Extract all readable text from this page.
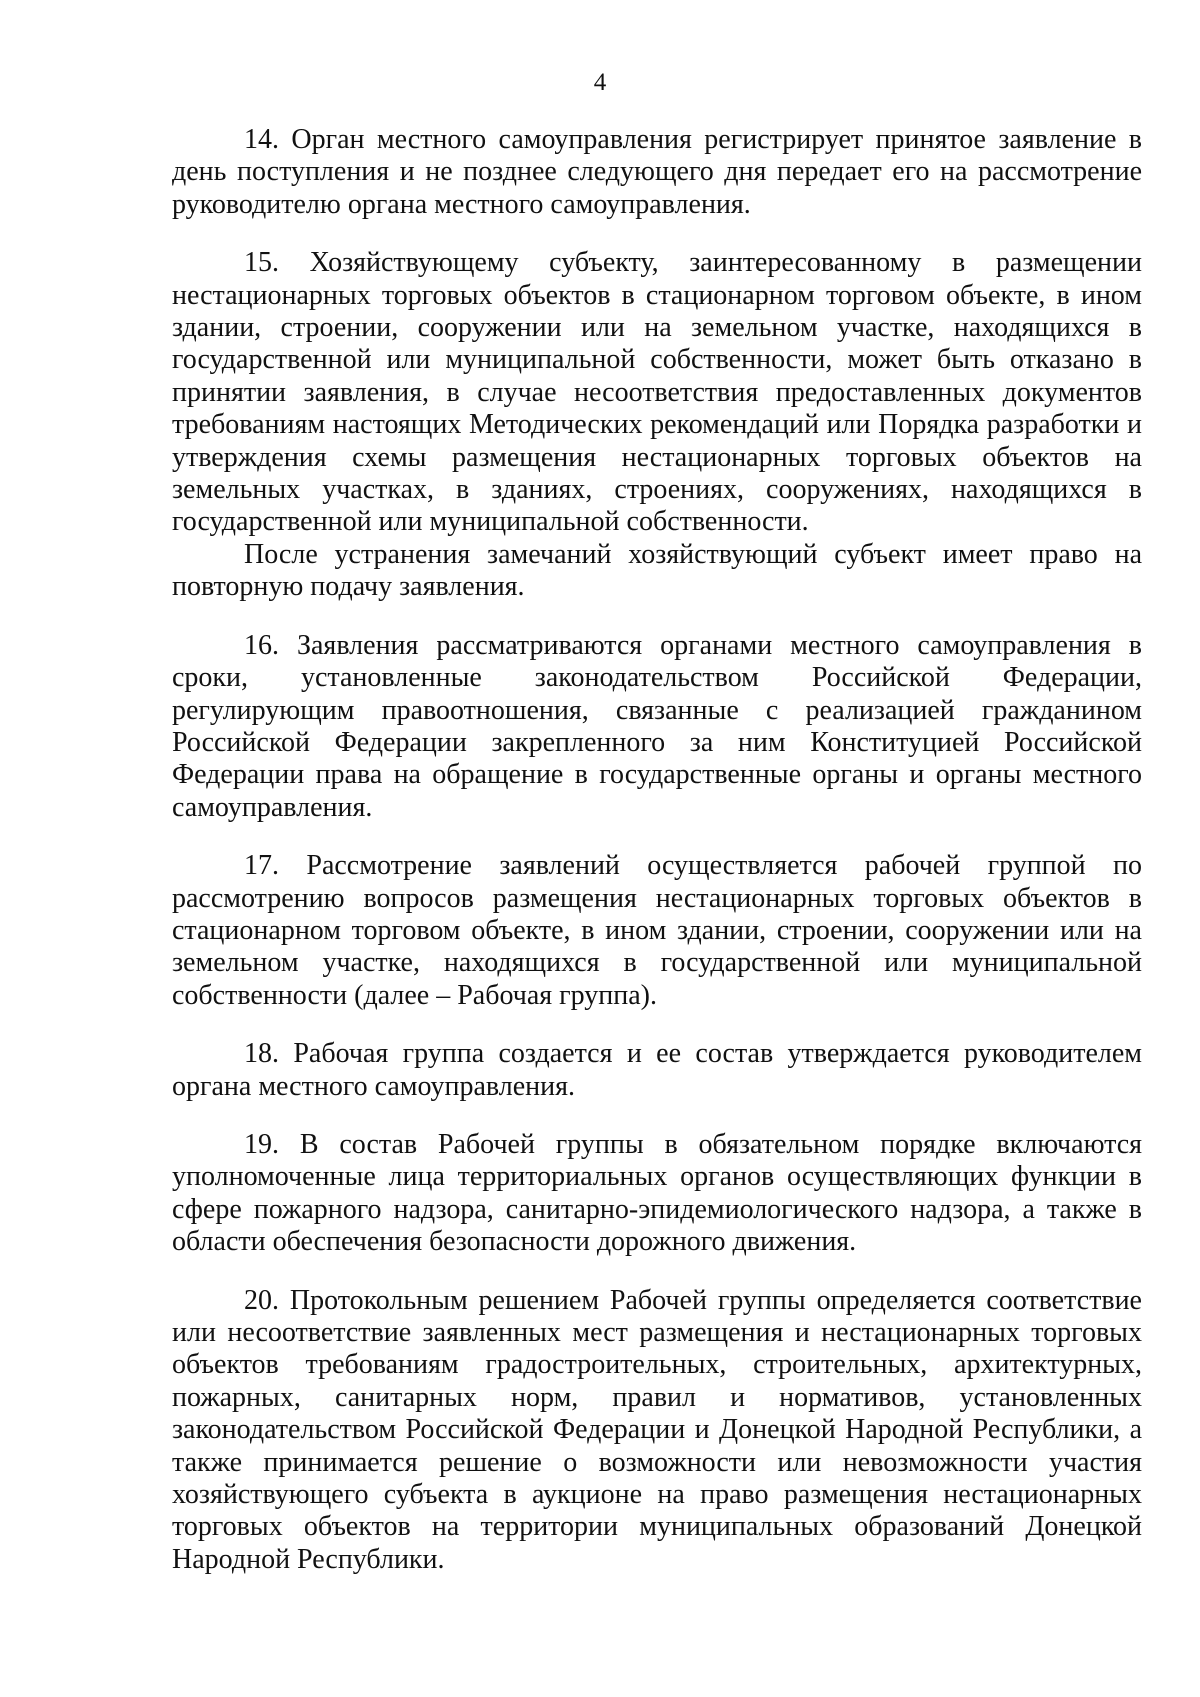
4

14. Орган местного самоуправления регистрирует принятое заявление в день поступления и не позднее следующего дня передает его на рассмотрение руководителю органа местного самоуправления.

15. Хозяйствующему субъекту, заинтересованному в размещении нестационарных торговых объектов в стационарном торговом объекте, в ином здании, строении, сооружении или на земельном участке, находящихся в государственной или муниципальной собственности, может быть отказано в принятии заявления, в случае несоответствия предоставленных документов требованиям настоящих Методических рекомендаций или Порядка разработки и утверждения схемы размещения нестационарных торговых объектов на земельных участках, в зданиях, строениях, сооружениях, находящихся в государственной или муниципальной собственности.

После устранения замечаний хозяйствующий субъект имеет право на повторную подачу заявления.

16. Заявления рассматриваются органами местного самоуправления в сроки, установленные законодательством Российской Федерации, регулирующим правоотношения, связанные с реализацией гражданином Российской Федерации закрепленного за ним Конституцией Российской Федерации права на обращение в государственные органы и органы местного самоуправления.

17. Рассмотрение заявлений осуществляется рабочей группой по рассмотрению вопросов размещения нестационарных торговых объектов в стационарном торговом объекте, в ином здании, строении, сооружении или на земельном участке, находящихся в государственной или муниципальной собственности (далее – Рабочая группа).

18. Рабочая группа создается и ее состав утверждается руководителем органа местного самоуправления.

19. В состав Рабочей группы в обязательном порядке включаются уполномоченные лица территориальных органов осуществляющих функции в сфере пожарного надзора, санитарно-эпидемиологического надзора, а также в области обеспечения безопасности дорожного движения.

20. Протокольным решением Рабочей группы определяется соответствие или несоответствие заявленных мест размещения и нестационарных торговых объектов требованиям градостроительных, строительных, архитектурных, пожарных, санитарных норм, правил и нормативов, установленных законодательством Российской Федерации и Донецкой Народной Республики, а также принимается решение о возможности или невозможности участия хозяйствующего субъекта в аукционе на право размещения нестационарных торговых объектов на территории муниципальных образований Донецкой Народной Республики.
